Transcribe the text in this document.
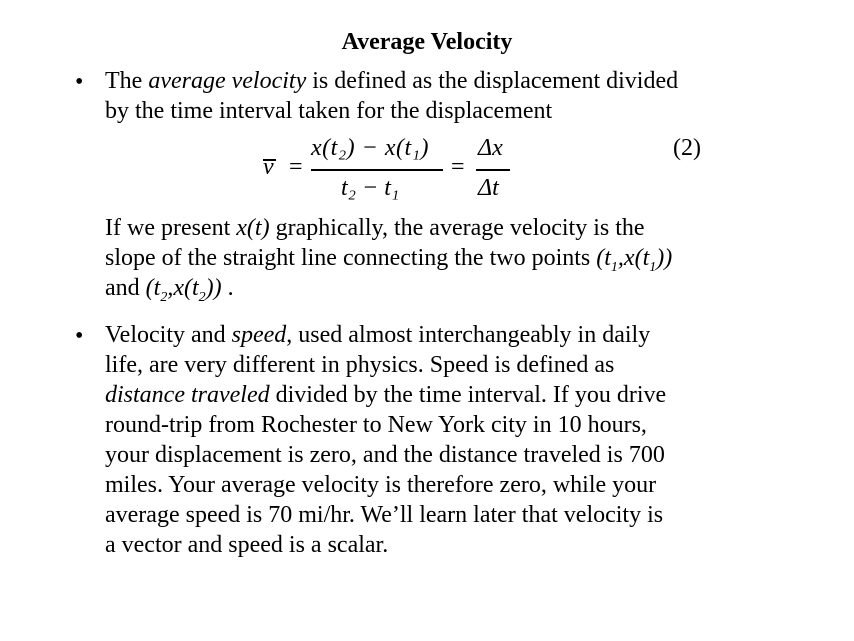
Average Velocity
• The average velocity is defined as the displacement divided
by the time interval taken for the displacement
v =
x(t₂) − x(t₁)
t₂ − t₁
=
Δx
Δt
(2)
If we present x(t) graphically, the average velocity is the
slope of the straight line connecting the two points $(t_1,x(t_1))$
and $(t_2,x(t_2))$ .
• Velocity and speed, used almost interchangeably in daily
life, are very different in physics. Speed is defined as
distance traveled divided by the time interval. If you drive
round-trip from Rochester to New York city in 10 hours,
your displacement is zero, and the distance traveled is 700
miles. Your average velocity is therefore zero, while your
average speed is 70 mi/hr. We’ll learn later that velocity is
a vector and speed is a scalar.
